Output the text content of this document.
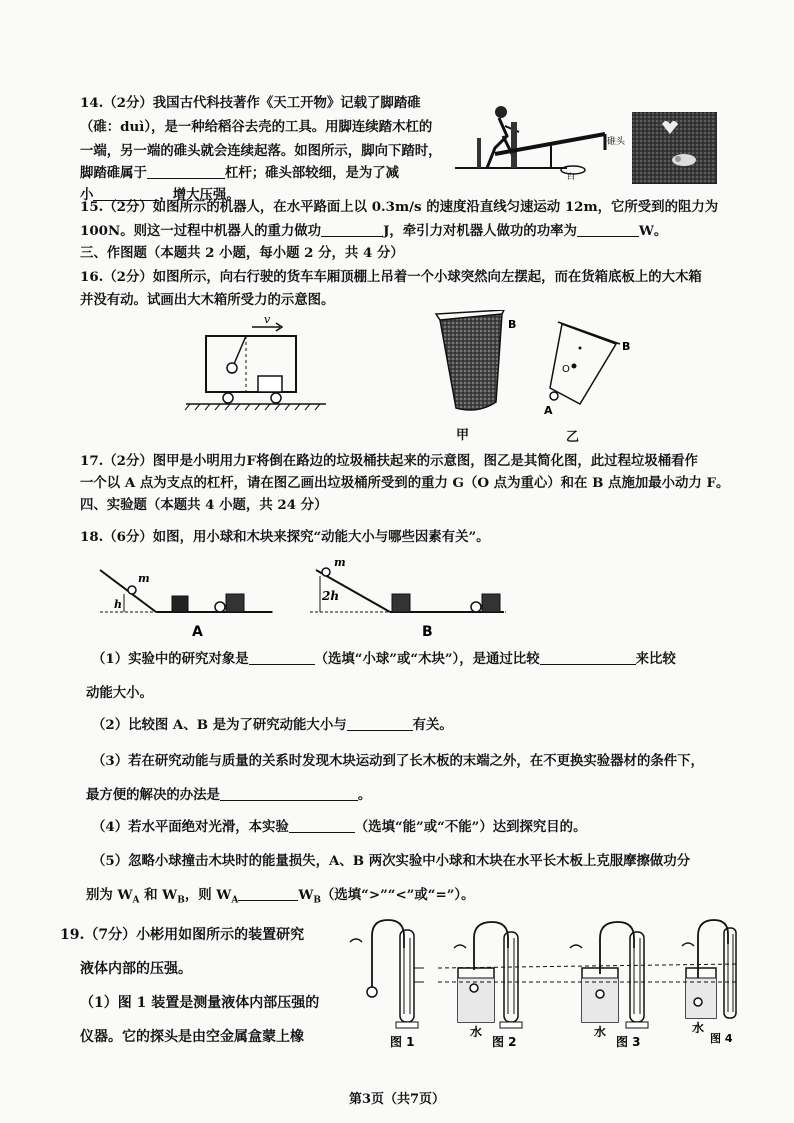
14.（2分）我国古代科技著作《天工开物》记载了脚踏碓
（碓：duì），是一种给稻谷去壳的工具。用脚连续踏木杠的
一端，另一端的碓头就会连续起落。如图所示，脚向下踏时，
脚踏碓属于	杠杆；碓头部较细，是为了减
小	，增大压强。
碓头
臼
15.（2分）如图所示的机器人，在水平路面上以 0.3m/s 的速度沿直线匀速运动 12m，它所受到的阻力为
100N。则这一过程中机器人的重力做功	J，牵引力对机器人做功的功率为	W。
三、作图题（本题共 2 小题，每小题 2 分，共 4 分）
16.（2分）如图所示，向右行驶的货车车厢顶棚上吊着一个小球突然向左摆起，而在货箱底板上的大木箱
并没有动。试画出大木箱所受力的示意图。
v	B
甲
B
O
A
乙
17.（2分）图甲是小明用力F将倒在路边的垃圾桶扶起来的示意图，图乙是其简化图，此过程垃圾桶看作
一个以 A 点为支点的杠杆，请在图乙画出垃圾桶所受到的重力 G（O 点为重心）和在 B 点施加最小动力 F。
四、实验题（本题共 4 小题，共 24 分）
18.（6分）如图，用小球和木块来探究“动能大小与哪些因素有关”。
m
h
A
m
2h
B
（1）实验中的研究对象是	（选填“小球”或“木块”），是通过比较	来比较
动能大小。
（2）比较图 A、B 是为了研究动能大小与	有关。
（3）若在研究动能与质量的关系时发现木块运动到了长木板的末端之外，在不更换实验器材的条件下，
最方便的解决的办法是	。
（4）若水平面绝对光滑，本实验	（选填“能”或“不能”）达到探究目的。
（5）忽略小球撞击木块时的能量损失，A、B 两次实验中小球和木块在水平长木板上克服摩擦做功分
别为 $W_A$ 和 $W_B$，则 $W_A$	$W_B$（选填“>”“<”或“=”）。
19.（7分）小彬用如图所示的装置研究
液体内部的压强。
（1）图 1 装置是测量液体内部压强的
仪器。它的探头是由空金属盒蒙上橡	图 1
水
图 2
水
图 3
水
图 4
第3页（共7页）
